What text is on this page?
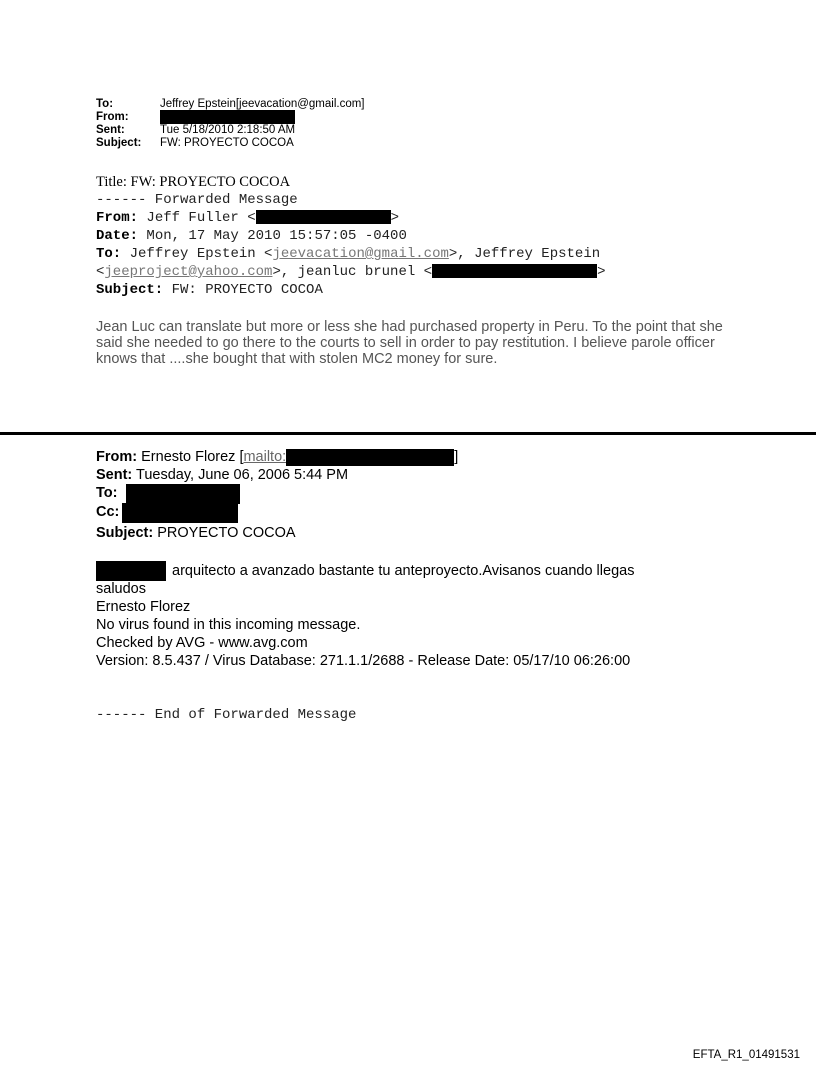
To:	Jeffrey Epstein[jeevacation@gmail.com]
From:
Sent:	Tue 5/18/2010 2:18:50 AM
Subject: FW: PROYECTO COCOA
Title: FW: PROYECTO COCOA
------ Forwarded Message
From: Jeff Fuller <	>
Date: Mon, 17 May 2010 15:57:05 -0400
To: Jeffrey Epstein <jeevacation@gmail.com>, Jeffrey Epstein
<jeeproject@yahoo.com>, jeanluc brunel <	>
Subject: FW: PROYECTO COCOA
Jean Luc can translate but more or less she had purchased property in Peru. To the point that she said she needed to go there to the courts to sell in order to pay restitution. I believe parole officer knows that ....she bought that with stolen MC2 money for sure.
From: Ernesto Florez [mailto:	]
Sent: Tuesday, June 06, 2006 5:44 PM
To:
Cc:
Subject: PROYECTO COCOA
arquitecto a avanzado bastante tu anteproyecto.Avisanos cuando llegas
saludos
Ernesto Florez
No virus found in this incoming message.
Checked by AVG - www.avg.com
Version: 8.5.437 / Virus Database: 271.1.1/2688 - Release Date: 05/17/10 06:26:00
------ End of Forwarded Message
EFTA_R1_01491531
